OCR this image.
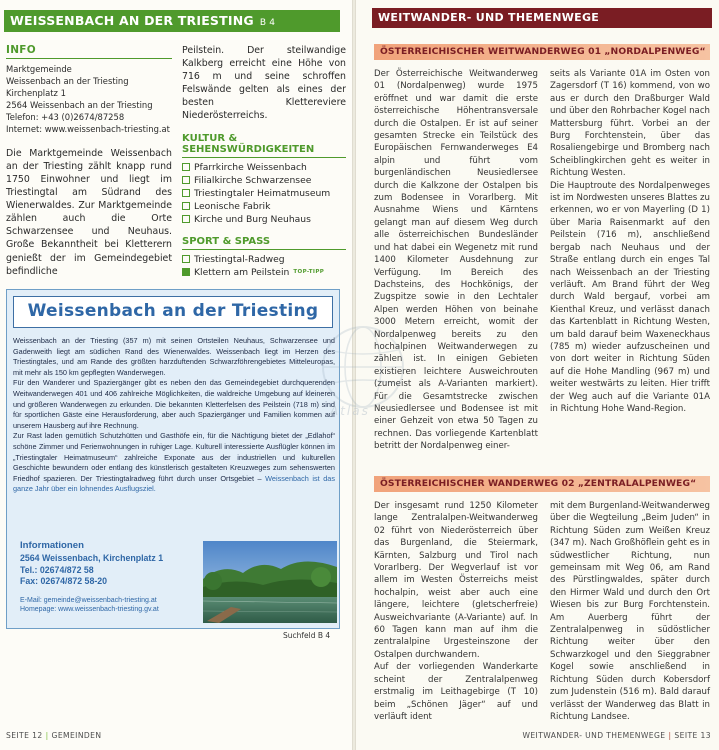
WEISSENBACH AN DER TRIESTING B 4
INFO
Marktgemeinde
Weissenbach an der Triesting
Kirchenplatz 1
2564 Weissenbach an der Triesting
Telefon: +43 (0)2674/87258
Internet: www.weissenbach-triesting.at
Die Marktgemeinde Weissenbach an der Triesting zählt knapp rund 1750 Einwohner und liegt im Triestingtal am Südrand des Wienerwaldes. Zur Marktgemeinde zählen auch die Orte Schwarzensee und Neuhaus. Große Bekanntheit bei Kletterern genießt der im Gemeindegebiet befindliche

Peilstein. Der steilwandige Kalkberg erreicht eine Höhe von 716 m und seine schroffen Felswände gelten als eines der besten Klettereviere Niederösterreichs.

KULTUR &
SEHENSWÜRDIGKEITEN
Pfarrkirche Weissenbach
Filialkirche Schwarzensee
Triestingtaler Heimatmuseum
Leonische Fabrik
Kirche und Burg Neuhaus
SPORT & SPASS
Triestingtal-Radweg
Klettern am Peilstein TOP-TIPP
Weissenbach an der Triesting
Weissenbach an der Triesting (357 m) mit seinen Ortsteilen Neuhaus, Schwarzensee und Gadenweith liegt am südlichen Rand des Wienerwaldes. Weissenbach liegt im Herzen des Triestingtales, und am Rande des größten harzduftenden Schwarzföhrengebietes Mitteleuropas, mit mehr als 150 km gepflegten Wanderwegen.
Für den Wanderer und Spaziergänger gibt es neben den das Gemeindegebiet durchquerenden Weitwanderwegen 401 und 406 zahlreiche Möglichkeiten, die waldreiche Umgebung auf kleineren und größeren Wanderwegen zu erkunden. Die bekannten Kletterfelsen des Peilstein (718 m) sind für sportlichen Gäste eine Herausforderung, aber auch Spaziergänger und Familien kommen auf unserem Hausberg auf ihre Rechnung.
Zur Rast laden gemütlich Schutzhütten und Gasthöfe ein, für die Nächtigung bietet der „Edlahof“ schöne Zimmer und Ferienwohnungen in ruhiger Lage. Kulturell interessierte Ausflügler können im „Triestingtaler Heimatmuseum“ zahlreiche Exponate aus der industriellen und kulturellen Geschichte bewundern oder entlang des künstlerisch gestalteten Kreuzweges zum sehenswerten Friedhof spazieren. Der Triestingtalradweg führt durch unser Ortsgebiet – Weissenbach ist das ganze Jahr über ein lohnendes Ausflugsziel.
Informationen
2564 Weissenbach, Kirchenplatz 1
Tel.: 02674/872 58
Fax: 02674/872 58-20
E-Mail: gemeinde@weissenbach-triesting.at
Homepage: www.weissenbach-triesting.gv.at
Suchfeld B 4
SEITE 12 | GEMEINDEN
WEITWANDER- UND THEMENWEGE
ÖSTERREICHISCHER WEITWANDERWEG 01 „NORDALPENWEG“

Der Österreichische Weitwanderweg 01 (Nordalpenweg) wurde 1975 eröffnet und war damit die erste österreichische Höhentransversale durch die Ostalpen. Er ist auf seiner gesamten Strecke ein Teilstück des Europäischen Fernwanderweges E4 alpin und führt vom burgenländischen Neusiedlersee durch die Kalkzone der Ostalpen bis zum Bodensee in Vorarlberg. Mit Ausnahme Wiens und Kärntens gelangt man auf diesem Weg durch alle österreichischen Bundesländer und hat dabei ein Wegenetz mit rund 1400 Kilometer Ausdehnung zur Verfügung. Im Bereich des Dachsteins, des Hochkönigs, der Zugspitze sowie in den Lechtaler Alpen werden Höhen von beinahe 3000 Metern erreicht, womit der Nordalpenweg bereits zu den hochalpinen Weitwanderwegen zu zählen ist. In einigen Gebieten existieren leichtere Ausweichrouten (zumeist als A-Varianten markiert). Für die Gesamtstrecke zwischen Neusiedlersee und Bodensee ist mit einer Gehzeit von etwa 50 Tagen zu rechnen. Das vorliegende Kartenblatt betritt der Nordalpenweg einer-

seits als Variante 01A im Osten von Zagersdorf (T 16) kommend, von wo aus er durch den Draßburger Wald und über den Rohrbacher Kogel nach Mattersburg führt. Vorbei an der Burg Forchtenstein, über das Rosaliengebirge und Bromberg nach Scheiblingkirchen geht es weiter in Richtung Westen.

Die Hauptroute des Nordalpenweges ist im Nordwesten unseres Blattes zu erkennen, wo er von Mayerling (D 1) über Maria Raisenmarkt auf den Peilstein (716 m), anschließend bergab nach Neuhaus und der Straße entlang durch ein enges Tal nach Weissenbach an der Triesting verläuft. Am Brand führt der Weg durch Wald bergauf, vorbei am Kienthal Kreuz, und verlässt danach das Kartenblatt in Richtung Westen, um bald darauf beim Waxeneckhaus (785 m) wieder aufzuscheinen und von dort weiter in Richtung Süden auf die Hohe Mandling (967 m) und weiter westwärts zu leiten. Hier trifft der Weg auch auf die Variante 01A in Richtung Hohe Wand-Region.

ÖSTERREICHISCHER WANDERWEG 02 „ZENTRALALPENWEG“

Der insgesamt rund 1250 Kilometer lange Zentralalpen-Weitwanderweg 02 führt von Niederösterreich über das Burgenland, die Steiermark, Kärnten, Salzburg und Tirol nach Vorarlberg. Der Wegverlauf ist vor allem im Westen Österreichs meist hochalpin, weist aber auch eine längere, leichtere (gletscherfreie) Ausweichvariante (A-Variante) auf. In 60 Tagen kann man auf ihm die zentralalpine Urgesteinszone der Ostalpen durchwandern.

Auf der vorliegenden Wanderkarte scheint der Zentralalpenweg erstmalig im Leithagebirge (T 10) beim „Schönen Jäger“ auf und verläuft ident

mit dem Burgenland-Weitwanderweg über die Wegteilung „Beim Juden“ in Richtung Süden zum Weißen Kreuz (347 m). Nach Großhöflein geht es in südwestlicher Richtung, nun gemeinsam mit Weg 06, am Rand des Pürstlingwaldes, später durch den Hirmer Wald und durch den Ort Wiesen bis zur Burg Forchtenstein. Am Auerberg führt der Zentralalpenweg in südöstlicher Richtung weiter über den Schwarzkogel und den Sieggrabner Kogel sowie anschließend in Richtung Süden durch Kobersdorf zum Judenstein (516 m). Bald darauf verlässt der Wanderweg das Blatt in Richtung Landsee.

WEITWANDER- UND THEMENWEGE | SEITE 13
Atlas
